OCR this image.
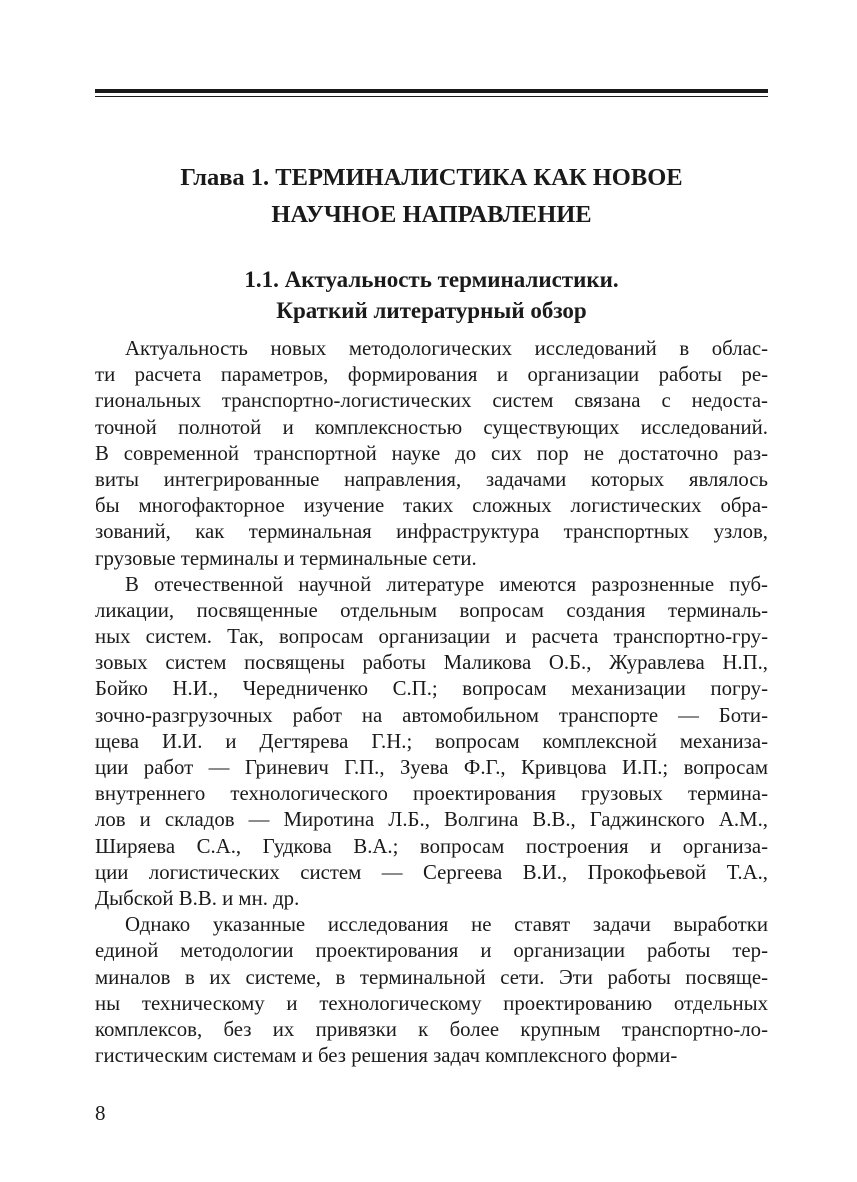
Глава 1. ТЕРМИНАЛИСТИКА КАК НОВОЕ
НАУЧНОЕ НАПРАВЛЕНИЕ
1.1. Актуальность терминалистики.
Краткий литературный обзор

Актуальность новых методологических исследований в облас-
ти расчета параметров, формирования и организации работы ре-
гиональных транспортно-логистических систем связана с недоста-
точной полнотой и комплексностью существующих исследований.
В современной транспортной науке до сих пор не достаточно раз-
виты интегрированные направления, задачами которых являлось
бы многофакторное изучение таких сложных логистических обра-
зований, как терминальная инфраструктура транспортных узлов,
грузовые терминалы и терминальные сети.

В отечественной научной литературе имеются разрозненные пуб-
ликации, посвященные отдельным вопросам создания терминаль-
ных систем. Так, вопросам организации и расчета транспортно-гру-
зовых систем посвящены работы Маликова О.Б., Журавлева Н.П.,
Бойко Н.И., Чередниченко С.П.; вопросам механизации погру-
зочно-разгрузочных работ на автомобильном транспорте — Боти-
щева И.И. и Дегтярева Г.Н.; вопросам комплексной механиза-
ции работ — Гриневич Г.П., Зуева Ф.Г., Кривцова И.П.; вопросам
внутреннего технологического проектирования грузовых термина-
лов и складов — Миротина Л.Б., Волгина В.В., Гаджинского А.М.,
Ширяева С.А., Гудкова В.А.; вопросам построения и организа-
ции логистических систем — Сергеева В.И., Прокофьевой Т.А.,
Дыбской В.В. и мн. др.

Однако указанные исследования не ставят задачи выработки
единой методологии проектирования и организации работы тер-
миналов в их системе, в терминальной сети. Эти работы посвяще-
ны техническому и технологическому проектированию отдельных
комплексов, без их привязки к более крупным транспортно-ло-
гистическим системам и без решения задач комплексного форми-

8
